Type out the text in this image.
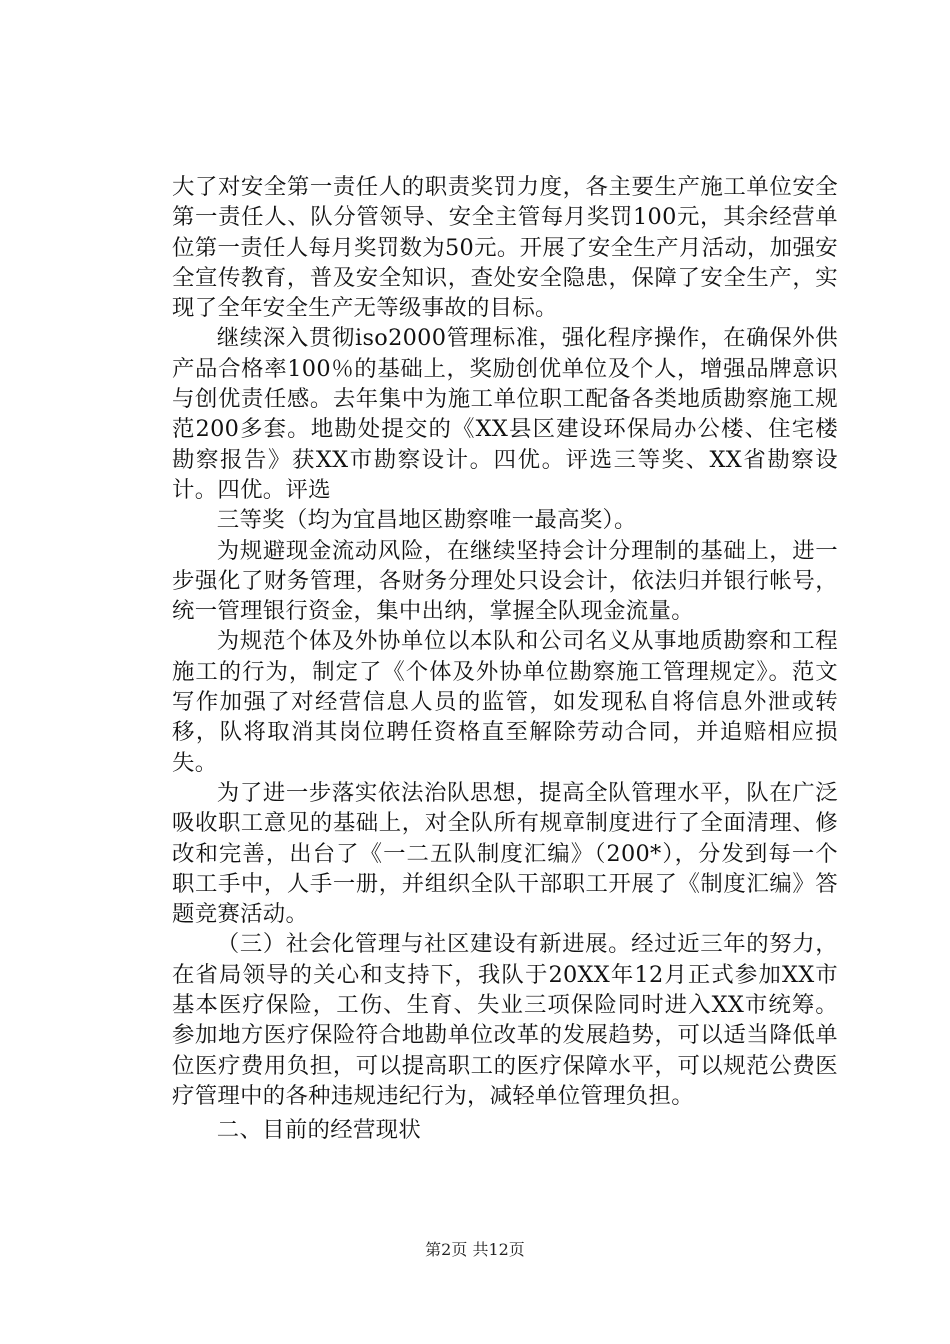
大了对安全第一责任人的职责奖罚力度，各主要生产施工单位安全第一责任人、队分管领导、安全主管每月奖罚100元，其余经营单位第一责任人每月奖罚数为50元。开展了安全生产月活动，加强安全宣传教育，普及安全知识，查处安全隐患，保障了安全生产，实现了全年安全生产无等级事故的目标。

继续深入贯彻iso2000管理标准，强化程序操作，在确保外供产品合格率100％的基础上，奖励创优单位及个人，增强品牌意识与创优责任感。去年集中为施工单位职工配备各类地质勘察施工规范200多套。地勘处提交的《XX县区建设环保局办公楼、住宅楼勘察报告》获XX市勘察设计。四优。评选三等奖、XX省勘察设计。四优。评选

三等奖（均为宜昌地区勘察唯一最高奖）。

为规避现金流动风险，在继续坚持会计分理制的基础上，进一步强化了财务管理，各财务分理处只设会计，依法归并银行帐号，统一管理银行资金，集中出纳，掌握全队现金流量。

为规范个体及外协单位以本队和公司名义从事地质勘察和工程施工的行为，制定了《个体及外协单位勘察施工管理规定》。范文写作加强了对经营信息人员的监管，如发现私自将信息外泄或转移，队将取消其岗位聘任资格直至解除劳动合同，并追赔相应损失。

为了进一步落实依法治队思想，提高全队管理水平，队在广泛吸收职工意见的基础上，对全队所有规章制度进行了全面清理、修改和完善，出台了《一二五队制度汇编》（200*），分发到每一个职工手中，人手一册，并组织全队干部职工开展了《制度汇编》答题竞赛活动。

（三）社会化管理与社区建设有新进展。经过近三年的努力，在省局领导的关心和支持下，我队于20XX年12月正式参加XX市基本医疗保险，工伤、生育、失业三项保险同时进入XX市统筹。参加地方医疗保险符合地勘单位改革的发展趋势，可以适当降低单位医疗费用负担，可以提高职工的医疗保障水平，可以规范公费医疗管理中的各种违规违纪行为，减轻单位管理负担。

二、目前的经营现状

第2页 共12页
